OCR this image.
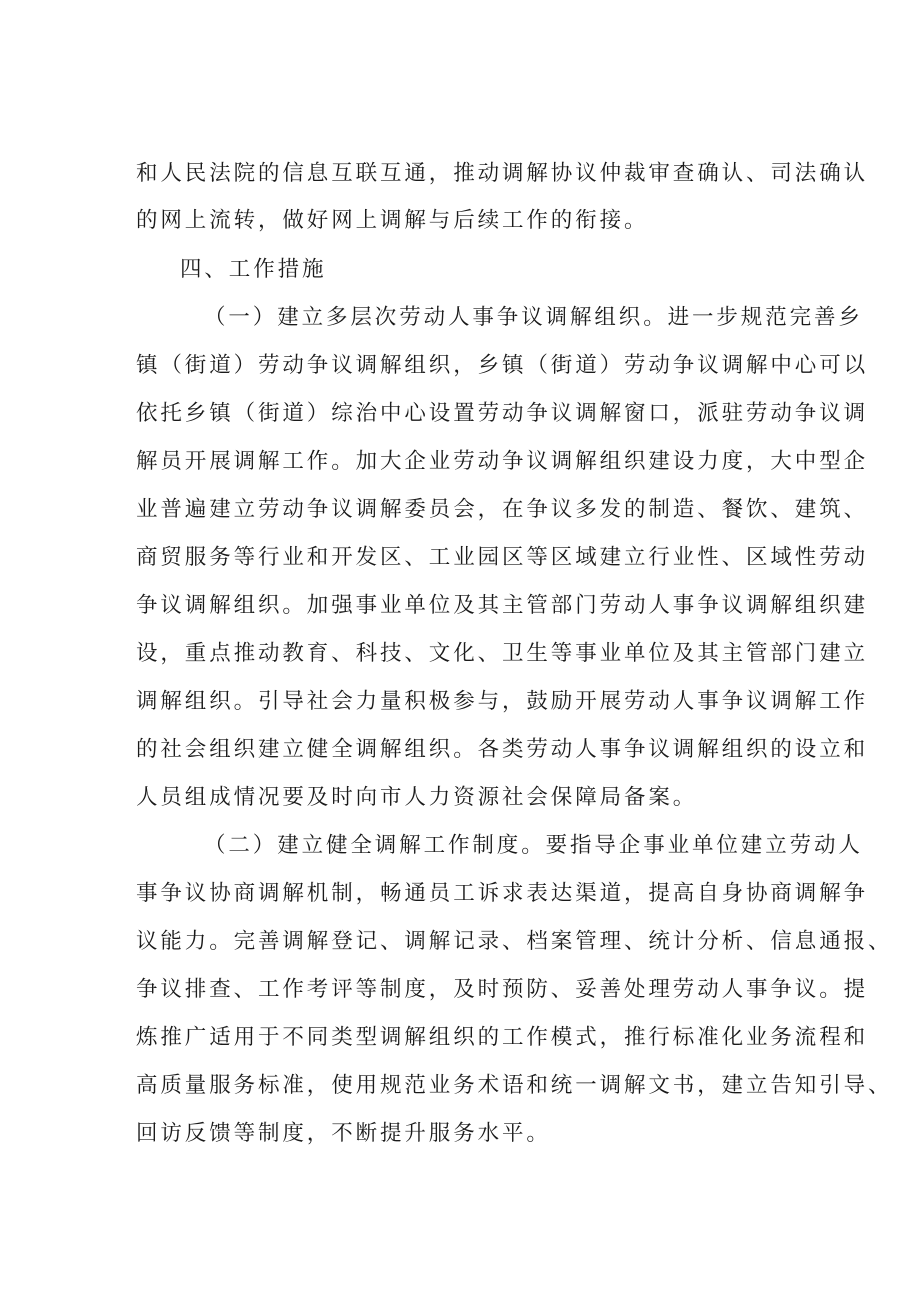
和人民法院的信息互联互通，推动调解协议仲裁审查确认、司法确认
的网上流转，做好网上调解与后续工作的衔接。
四、工作措施
（一）建立多层次劳动人事争议调解组织。进一步规范完善乡
镇（街道）劳动争议调解组织，乡镇（街道）劳动争议调解中心可以
依托乡镇（街道）综治中心设置劳动争议调解窗口，派驻劳动争议调
解员开展调解工作。加大企业劳动争议调解组织建设力度，大中型企
业普遍建立劳动争议调解委员会，在争议多发的制造、餐饮、建筑、
商贸服务等行业和开发区、工业园区等区域建立行业性、区域性劳动
争议调解组织。加强事业单位及其主管部门劳动人事争议调解组织建
设，重点推动教育、科技、文化、卫生等事业单位及其主管部门建立
调解组织。引导社会力量积极参与，鼓励开展劳动人事争议调解工作
的社会组织建立健全调解组织。各类劳动人事争议调解组织的设立和
人员组成情况要及时向市人力资源社会保障局备案。
（二）建立健全调解工作制度。要指导企事业单位建立劳动人
事争议协商调解机制，畅通员工诉求表达渠道，提高自身协商调解争
议能力。完善调解登记、调解记录、档案管理、统计分析、信息通报、
争议排查、工作考评等制度，及时预防、妥善处理劳动人事争议。提
炼推广适用于不同类型调解组织的工作模式，推行标准化业务流程和
高质量服务标准，使用规范业务术语和统一调解文书，建立告知引导、
回访反馈等制度，不断提升服务水平。
